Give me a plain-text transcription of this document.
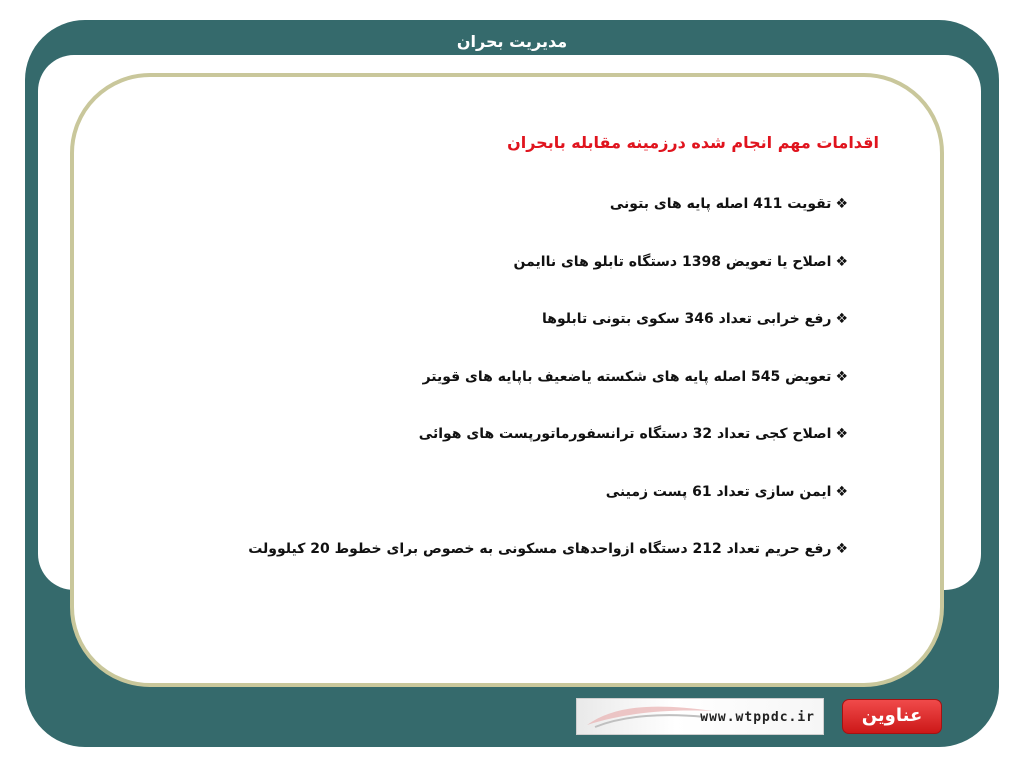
مدیریت بحران
اقدامات مهم انجام شده درزمینه مقابله بابحران
❖
تقویت 411 اصله پایه های بتونی
❖
اصلاح یا تعویض 1398 دستگاه تابلو های ناایمن
❖
رفع خرابی تعداد 346 سکوی بتونی تابلوها
❖
تعویض 545 اصله پایه های شکسته یاضعیف باپایه های قویتر
❖
اصلاح کجی تعداد 32 دستگاه ترانسفورماتورپست های هوائی
❖
ایمن سازی تعداد 61 پست زمینی
❖
رفع حریم تعداد 212 دستگاه ازواحدهای مسکونی به خصوص برای خطوط 20 کیلوولت
www.wtppdc.ir	عناوین
